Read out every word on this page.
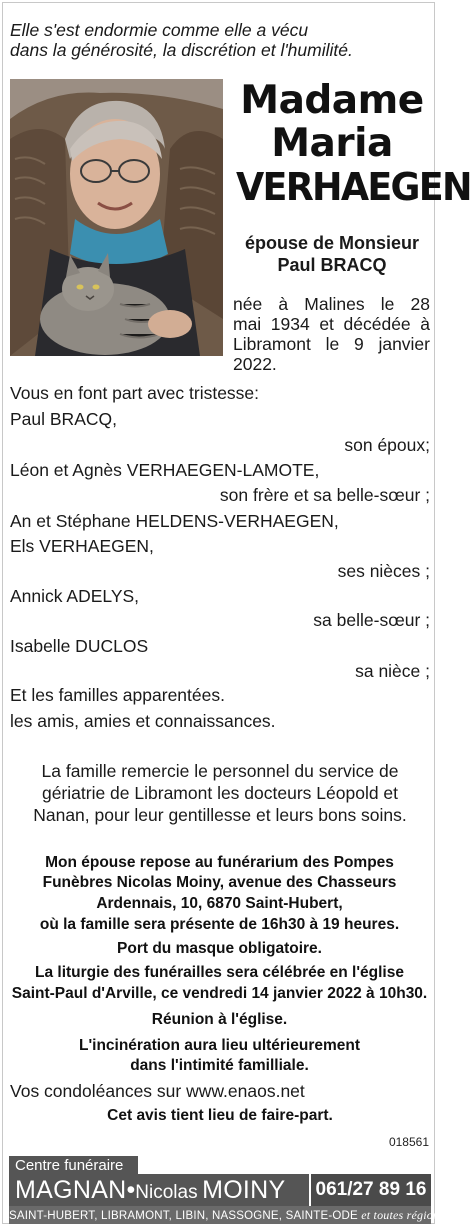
Elle s'est endormie comme elle a vécu
dans la générosité, la discrétion et l'humilité.
Madame
Maria
VERHAEGEN
épouse de Monsieur
Paul BRACQ
née à Malines le 28
mai 1934 et décédée à
Libramont le 9 janvier
2022.
Vous en font part avec tristesse:
Paul BRACQ,
son époux;
Léon et Agnès VERHAEGEN-LAMOTE,
son frère et sa belle-sœur ;
An et Stéphane HELDENS-VERHAEGEN,
Els VERHAEGEN,
ses nièces ;
Annick ADELYS,
sa belle-sœur ;
Isabelle DUCLOS
sa nièce ;
Et les familles apparentées.
les amis, amies et connaissances.
La famille remercie le personnel du service de
gériatrie de Libramont les docteurs Léopold et
Nanan, pour leur gentillesse et leurs bons soins.
Mon épouse repose au funérarium des Pompes
Funèbres Nicolas Moiny, avenue des Chasseurs
Ardennais, 10, 6870 Saint-Hubert,
où la famille sera présente de 16h30 à 19 heures.
Port du masque obligatoire.
La liturgie des funérailles sera célébrée en l'église
Saint-Paul d'Arville, ce vendredi 14 janvier 2022 à 10h30.
Réunion à l'église.
L'incinération aura lieu ultérieurement
dans l'intimité familliale.
Vos condoléances sur www.enaos.net
Cet avis tient lieu de faire-part.
018561
Centre funéraire
MAGNAN•Nicolas MOINY	061/27 89 16
SAINT-HUBERT, LIBRAMONT, LIBIN, NASSOGNE, SAINTE-ODE et toutes régions
